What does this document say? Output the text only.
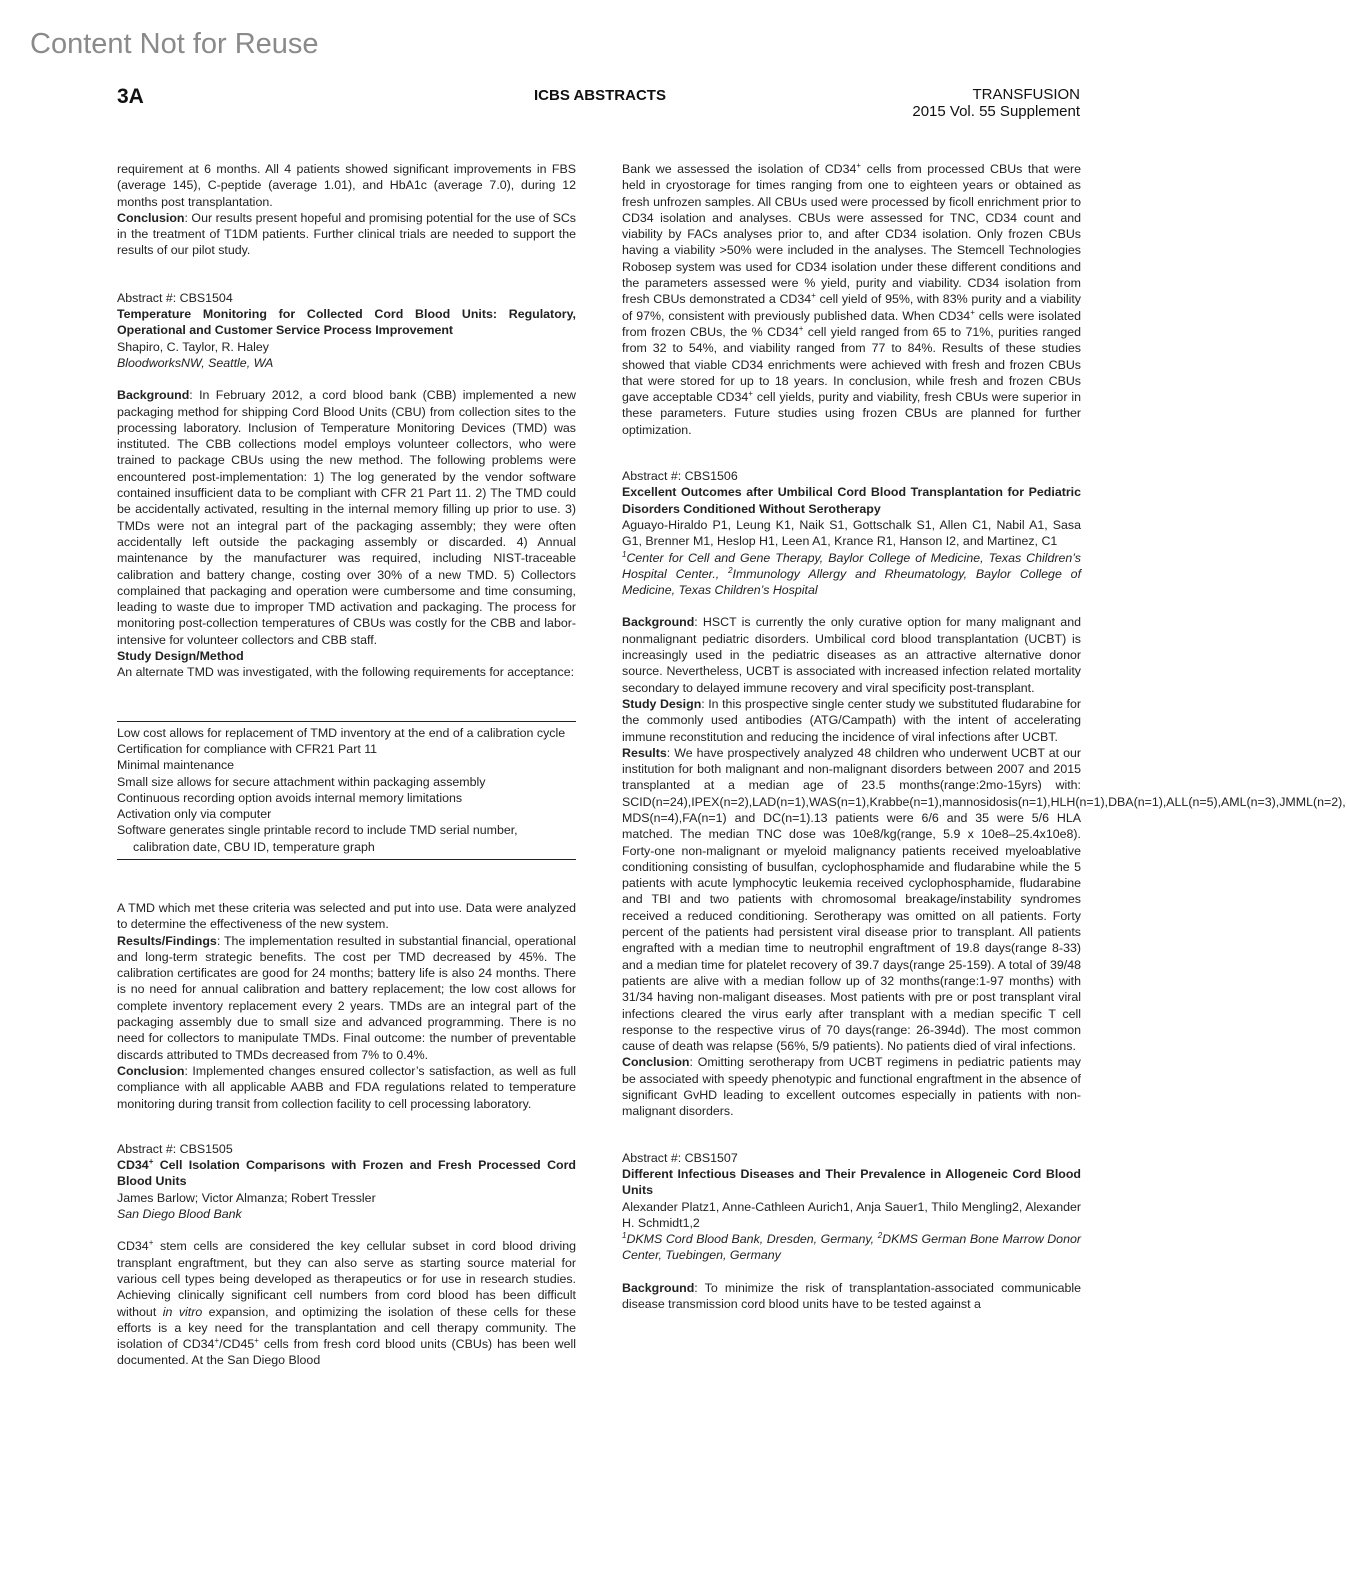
Content Not for Reuse
3A	ICBS ABSTRACTS	TRANSFUSION
2015 Vol. 55 Supplement

requirement at 6 months. All 4 patients showed significant improvements in FBS (average 145), C-peptide (average 1.01), and HbA1c (average 7.0), during 12 months post transplantation.

Conclusion: Our results present hopeful and promising potential for the use of SCs in the treatment of T1DM patients. Further clinical trials are needed to support the results of our pilot study.

Abstract #: CBS1504

Temperature Monitoring for Collected Cord Blood Units: Regulatory, Operational and Customer Service Process Improvement

Shapiro, C. Taylor, R. Haley

BloodworksNW, Seattle, WA

Background: In February 2012, a cord blood bank (CBB) implemented a new packaging method for shipping Cord Blood Units (CBU) from collection sites to the processing laboratory. Inclusion of Temperature Monitoring Devices (TMD) was instituted. The CBB collections model employs volunteer collectors, who were trained to package CBUs using the new method. The following problems were encountered post-implementation: 1) The log generated by the vendor software contained insufficient data to be compliant with CFR 21 Part 11. 2) The TMD could be accidentally activated, resulting in the internal memory filling up prior to use. 3) TMDs were not an integral part of the packaging assembly; they were often accidentally left outside the packaging assembly or discarded. 4) Annual maintenance by the manufacturer was required, including NIST-traceable calibration and battery change, costing over 30% of a new TMD. 5) Collectors complained that packaging and operation were cumbersome and time consuming, leading to waste due to improper TMD activation and packaging. The process for monitoring post-collection temperatures of CBUs was costly for the CBB and labor-intensive for volunteer collectors and CBB staff.

Study Design/Method

An alternate TMD was investigated, with the following requirements for acceptance:

Low cost allows for replacement of TMD inventory at the end of a calibration cycle
Certification for compliance with CFR21 Part 11
Minimal maintenance
Small size allows for secure attachment within packaging assembly
Continuous recording option avoids internal memory limitations
Activation only via computer
Software generates single printable record to include TMD serial number, calibration date, CBU ID, temperature graph

A TMD which met these criteria was selected and put into use. Data were analyzed to determine the effectiveness of the new system.

Results/Findings: The implementation resulted in substantial financial, operational and long-term strategic benefits. The cost per TMD decreased by 45%. The calibration certificates are good for 24 months; battery life is also 24 months. There is no need for annual calibration and battery replacement; the low cost allows for complete inventory replacement every 2 years. TMDs are an integral part of the packaging assembly due to small size and advanced programming. There is no need for collectors to manipulate TMDs. Final outcome: the number of preventable discards attributed to TMDs decreased from 7% to 0.4%.

Conclusion: Implemented changes ensured collector’s satisfaction, as well as full compliance with all applicable AABB and FDA regulations related to temperature monitoring during transit from collection facility to cell processing laboratory.

Abstract #: CBS1505

CD34+ Cell Isolation Comparisons with Frozen and Fresh Processed Cord Blood Units

James Barlow; Victor Almanza; Robert Tressler

San Diego Blood Bank

CD34+ stem cells are considered the key cellular subset in cord blood driving transplant engraftment, but they can also serve as starting source material for various cell types being developed as therapeutics or for use in research studies. Achieving clinically significant cell numbers from cord blood has been difficult without in vitro expansion, and optimizing the isolation of these cells for these efforts is a key need for the transplantation and cell therapy community. The isolation of CD34+/CD45+ cells from fresh cord blood units (CBUs) has been well documented. At the San Diego Blood

Bank we assessed the isolation of CD34+ cells from processed CBUs that were held in cryostorage for times ranging from one to eighteen years or obtained as fresh unfrozen samples. All CBUs used were processed by ficoll enrichment prior to CD34 isolation and analyses. CBUs were assessed for TNC, CD34 count and viability by FACs analyses prior to, and after CD34 isolation. Only frozen CBUs having a viability >50% were included in the analyses. The Stemcell Technologies Robosep system was used for CD34 isolation under these different conditions and the parameters assessed were % yield, purity and viability. CD34 isolation from fresh CBUs demonstrated a CD34+ cell yield of 95%, with 83% purity and a viability of 97%, consistent with previously published data. When CD34+ cells were isolated from frozen CBUs, the % CD34+ cell yield ranged from 65 to 71%, purities ranged from 32 to 54%, and viability ranged from 77 to 84%. Results of these studies showed that viable CD34 enrichments were achieved with fresh and frozen CBUs that were stored for up to 18 years. In conclusion, while fresh and frozen CBUs gave acceptable CD34+ cell yields, purity and viability, fresh CBUs were superior in these parameters. Future studies using frozen CBUs are planned for further optimization.

Abstract #: CBS1506

Excellent Outcomes after Umbilical Cord Blood Transplantation for Pediatric Disorders Conditioned Without Serotherapy

Aguayo-Hiraldo P1, Leung K1, Naik S1, Gottschalk S1, Allen C1, Nabil A1, Sasa G1, Brenner M1, Heslop H1, Leen A1, Krance R1, Hanson I2, and Martinez, C1

$^1$Center for Cell and Gene Therapy, Baylor College of Medicine, Texas Children’s Hospital Center., $^2$Immunology Allergy and Rheumatology, Baylor College of Medicine, Texas Children’s Hospital

Background: HSCT is currently the only curative option for many malignant and nonmalignant pediatric disorders. Umbilical cord blood transplantation (UCBT) is increasingly used in the pediatric diseases as an attractive alternative donor source. Nevertheless, UCBT is associated with increased infection related mortality secondary to delayed immune recovery and viral specificity post-transplant.

Study Design: In this prospective single center study we substituted fludarabine for the commonly used antibodies (ATG/Campath) with the intent of accelerating immune reconstitution and reducing the incidence of viral infections after UCBT.

Results: We have prospectively analyzed 48 children who underwent UCBT at our institution for both malignant and non-malignant disorders between 2007 and 2015 transplanted at a median age of 23.5 months(range:2mo-15yrs) with: SCID(n=24),IPEX(n=2),LAD(n=1),WAS(n=1),Krabbe(n=1),mannosidosis(n=1),HLH(n=1),DBA(n=1),ALL(n=5),AML(n=3),JMML(n=2), MDS(n=4),FA(n=1) and DC(n=1).13 patients were 6/6 and 35 were 5/6 HLA matched. The median TNC dose was 10e8/kg(range, 5.9 x 10e8–25.4x10e8). Forty-one non-malignant or myeloid malignancy patients received myeloablative conditioning consisting of busulfan, cyclophosphamide and fludarabine while the 5 patients with acute lymphocytic leukemia received cyclophosphamide, fludarabine and TBI and two patients with chromosomal breakage/instability syndromes received a reduced conditioning. Serotherapy was omitted on all patients. Forty percent of the patients had persistent viral disease prior to transplant. All patients engrafted with a median time to neutrophil engraftment of 19.8 days(range 8-33) and a median time for platelet recovery of 39.7 days(range 25-159). A total of 39/48 patients are alive with a median follow up of 32 months(range:1-97 months) with 31/34 having non-maligant diseases. Most patients with pre or post transplant viral infections cleared the virus early after transplant with a median specific T cell response to the respective virus of 70 days(range: 26-394d). The most common cause of death was relapse (56%, 5/9 patients). No patients died of viral infections.

Conclusion: Omitting serotherapy from UCBT regimens in pediatric patients may be associated with speedy phenotypic and functional engraftment in the absence of significant GvHD leading to excellent outcomes especially in patients with non-malignant disorders.

Abstract #: CBS1507

Different Infectious Diseases and Their Prevalence in Allogeneic Cord Blood Units

Alexander Platz1, Anne-Cathleen Aurich1, Anja Sauer1, Thilo Mengling2, Alexander H. Schmidt1,2

$^1$DKMS Cord Blood Bank, Dresden, Germany, $^2$DKMS German Bone Marrow Donor Center, Tuebingen, Germany

Background: To minimize the risk of transplantation-associated communicable disease transmission cord blood units have to be tested against a
